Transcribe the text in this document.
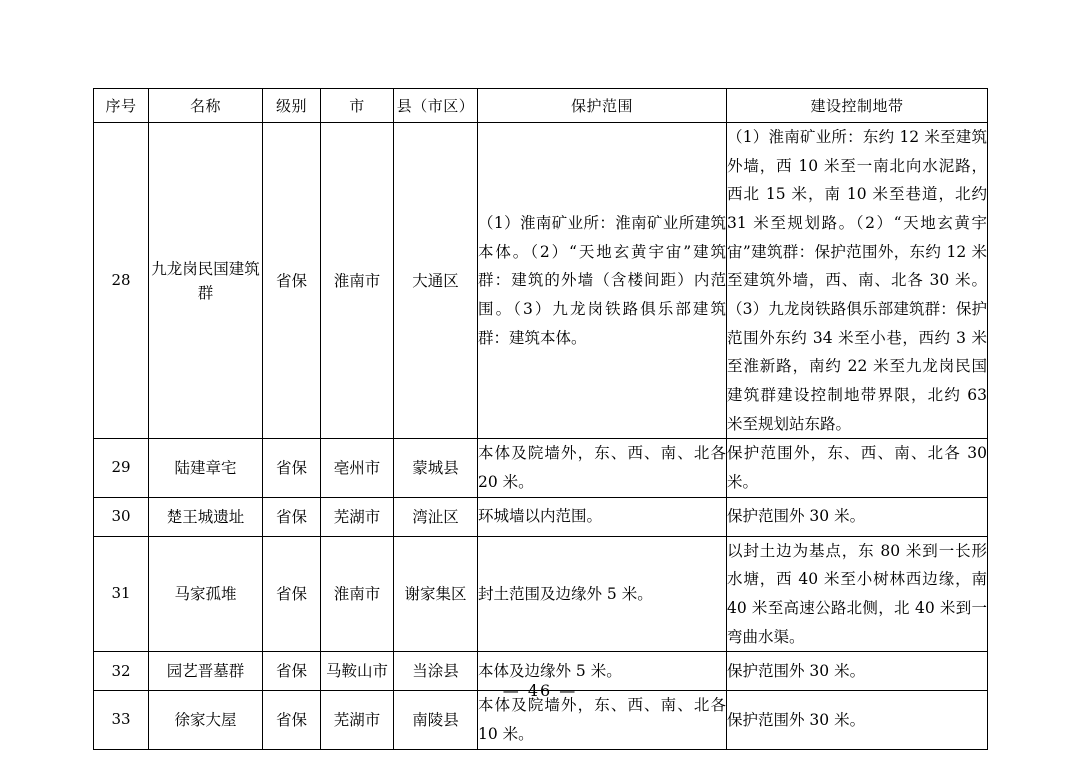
序号	名称	级别	市	县（市区）	保护范围	建设控制地带
28	九龙岗民国建筑群	省保	淮南市	大通区	（1）淮南矿业所：淮南矿业所建筑本体。（2）“天地玄黄宇宙”建筑群：建筑的外墙（含楼间距）内范围。（3）九龙岗铁路俱乐部建筑群：建筑本体。	（1）淮南矿业所：东约 12 米至建筑外墙，西 10 米至一南北向水泥路，西北 15 米，南 10 米至巷道，北约 31 米至规划路。（2）“天地玄黄宇宙”建筑群：保护范围外，东约 12 米至建筑外墙，西、南、北各 30 米。（3）九龙岗铁路俱乐部建筑群：保护范围外东约 34 米至小巷，西约 3 米至淮新路，南约 22 米至九龙岗民国建筑群建设控制地带界限，北约 63 米至规划站东路。
29	陆建章宅	省保	亳州市	蒙城县	本体及院墙外，东、西、南、北各 20 米。	保护范围外，东、西、南、北各 30 米。
30	楚王城遗址	省保	芜湖市	湾沚区	环城墙以内范围。	保护范围外 30 米。
31	马家孤堆	省保	淮南市	谢家集区	封土范围及边缘外 5 米。	以封土边为基点，东 80 米到一长形水塘，西 40 米至小树林西边缘，南 40 米至高速公路北侧，北 40 米到一弯曲水渠。
32	园艺晋墓群	省保	马鞍山市	当涂县	本体及边缘外 5 米。	保护范围外 30 米。
33	徐家大屋	省保	芜湖市	南陵县	本体及院墙外，东、西、南、北各 10 米。	保护范围外 30 米。
— 46 —
